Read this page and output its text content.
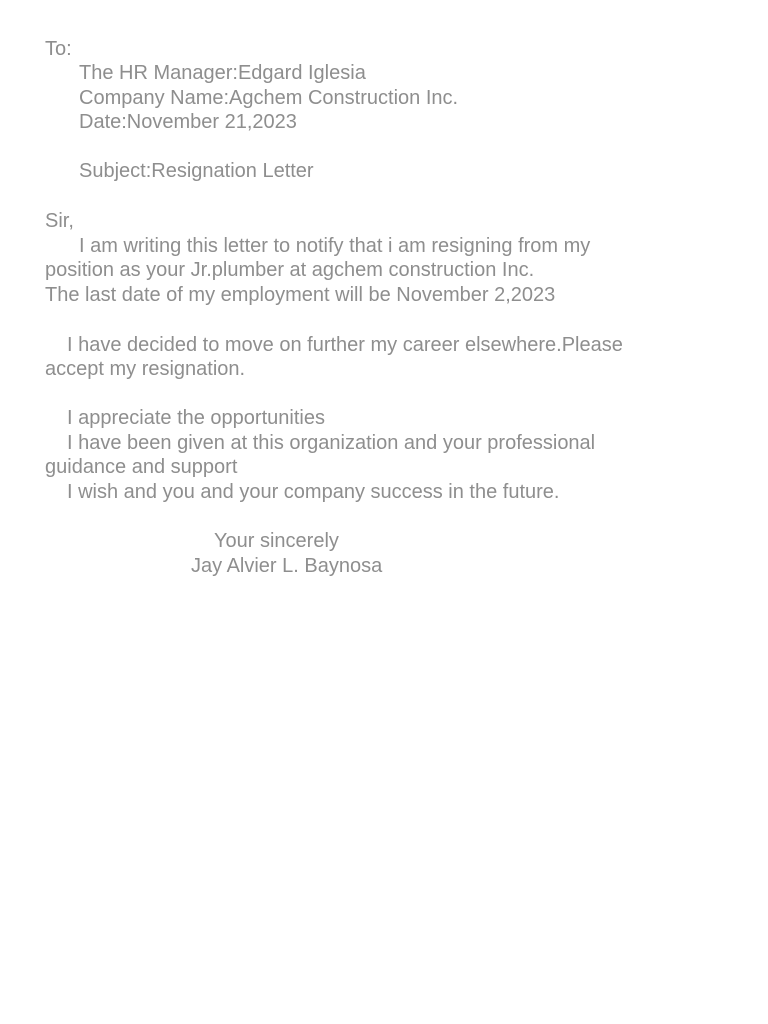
To:
The HR Manager:Edgard Iglesia
Company Name:Agchem Construction Inc.
Date:November 21,2023
Subject:Resignation Letter
Sir,
I am writing this letter to notify that i am resigning from my
position as your Jr.plumber at agchem construction Inc.
The last date of my employment will be November 2,2023
I have decided to move on further my career elsewhere.Please
accept my resignation.
I appreciate the opportunities
I have been given at this organization and your professional
guidance and support
I wish and you and your company success in the future.
Your sincerely
Jay Alvier L. Baynosa
